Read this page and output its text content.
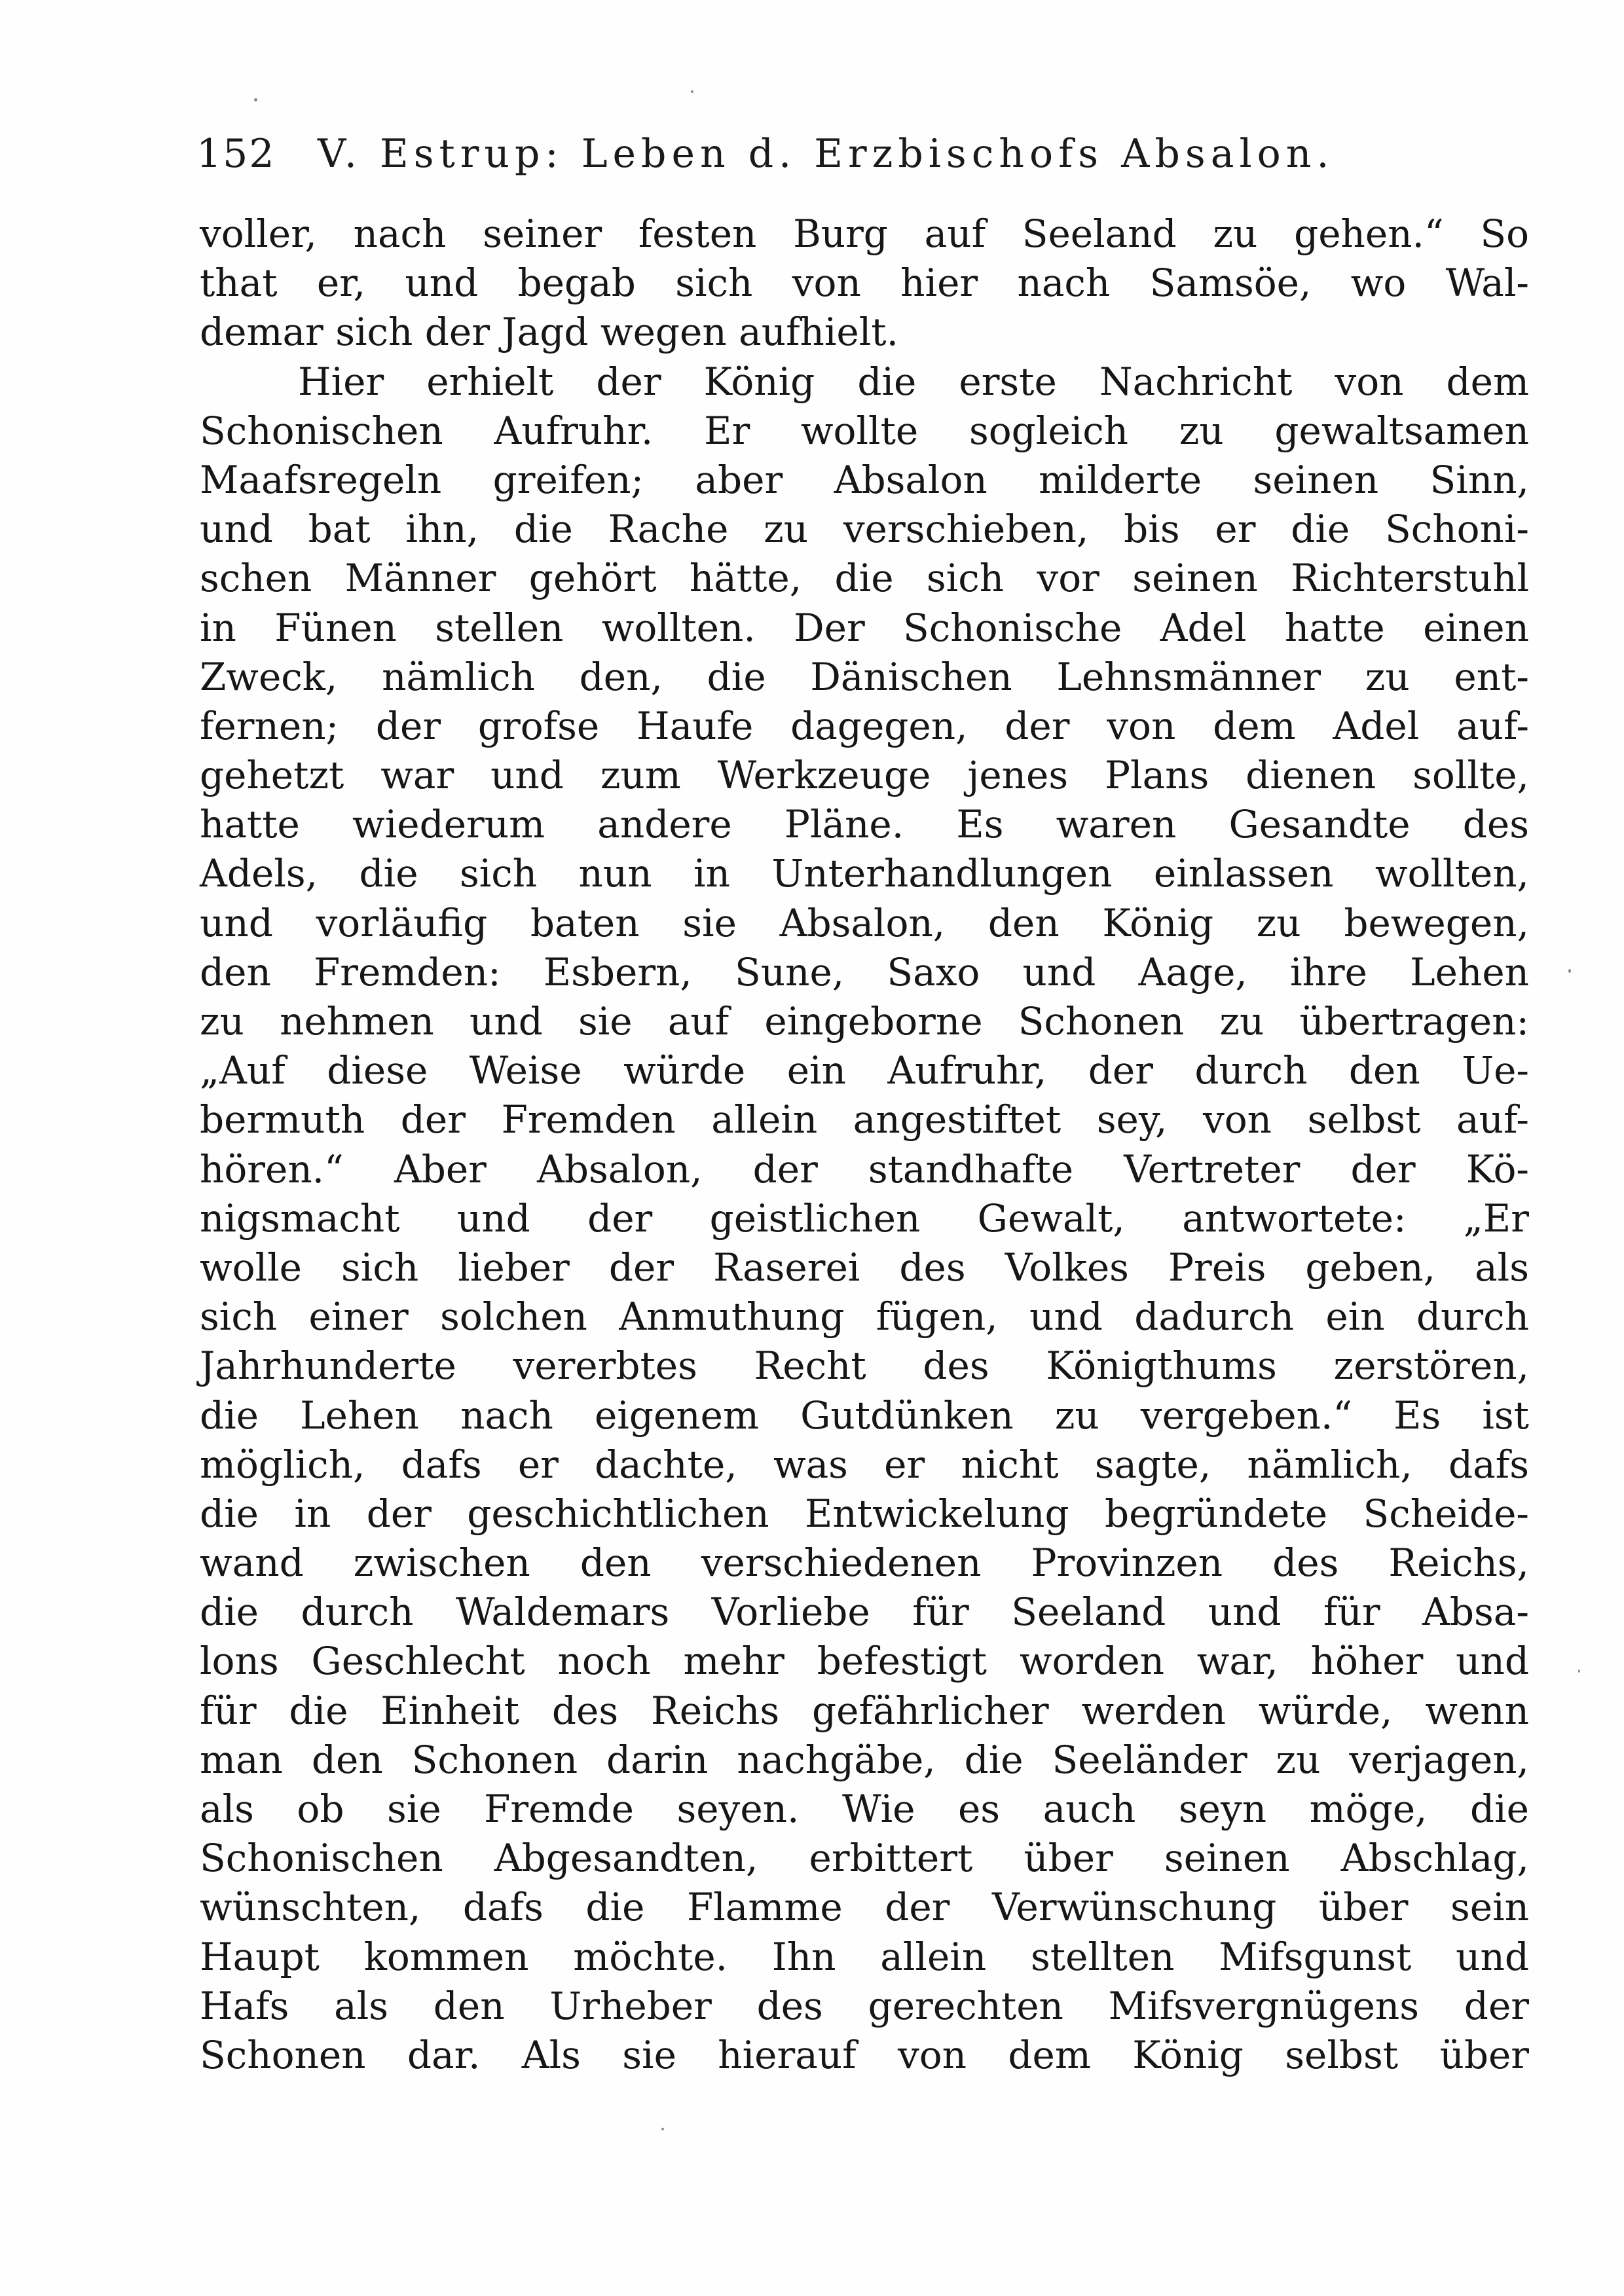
152 V. Estrup: Leben d. Erzbischofs Absalon.
voller, nach seiner festen Burg auf Seeland zu gehen.“ So
that er, und begab sich von hier nach Samsöe, wo Wal-
demar sich der Jagd wegen aufhielt.
Hier erhielt der König die erste Nachricht von dem
Schonischen Aufruhr. Er wollte sogleich zu gewaltsamen
Maafsregeln greifen; aber Absalon milderte seinen Sinn,
und bat ihn, die Rache zu verschieben, bis er die Schoni-
schen Männer gehört hätte, die sich vor seinen Richterstuhl
in Fünen stellen wollten. Der Schonische Adel hatte einen
Zweck, nämlich den, die Dänischen Lehnsmänner zu ent-
fernen; der grofse Haufe dagegen, der von dem Adel auf-
gehetzt war und zum Werkzeuge jenes Plans dienen sollte,
hatte wiederum andere Pläne. Es waren Gesandte des
Adels, die sich nun in Unterhandlungen einlassen wollten,
und vorläufig baten sie Absalon, den König zu bewegen,
den Fremden: Esbern, Sune, Saxo und Aage, ihre Lehen
zu nehmen und sie auf eingeborne Schonen zu übertragen:
„Auf diese Weise würde ein Aufruhr, der durch den Ue-
bermuth der Fremden allein angestiftet sey, von selbst auf-
hören.“ Aber Absalon, der standhafte Vertreter der Kö-
nigsmacht und der geistlichen Gewalt, antwortete: „Er
wolle sich lieber der Raserei des Volkes Preis geben, als
sich einer solchen Anmuthung fügen, und dadurch ein durch
Jahrhunderte vererbtes Recht des Königthums zerstören,
die Lehen nach eigenem Gutdünken zu vergeben.“ Es ist
möglich, dafs er dachte, was er nicht sagte, nämlich, dafs
die in der geschichtlichen Entwickelung begründete Scheide-
wand zwischen den verschiedenen Provinzen des Reichs,
die durch Waldemars Vorliebe für Seeland und für Absa-
lons Geschlecht noch mehr befestigt worden war, höher und
für die Einheit des Reichs gefährlicher werden würde, wenn
man den Schonen darin nachgäbe, die Seeländer zu verjagen,
als ob sie Fremde seyen. Wie es auch seyn möge, die
Schonischen Abgesandten, erbittert über seinen Abschlag,
wünschten, dafs die Flamme der Verwünschung über sein
Haupt kommen möchte. Ihn allein stellten Mifsgunst und
Hafs als den Urheber des gerechten Mifsvergnügens der
Schonen dar. Als sie hierauf von dem König selbst über
